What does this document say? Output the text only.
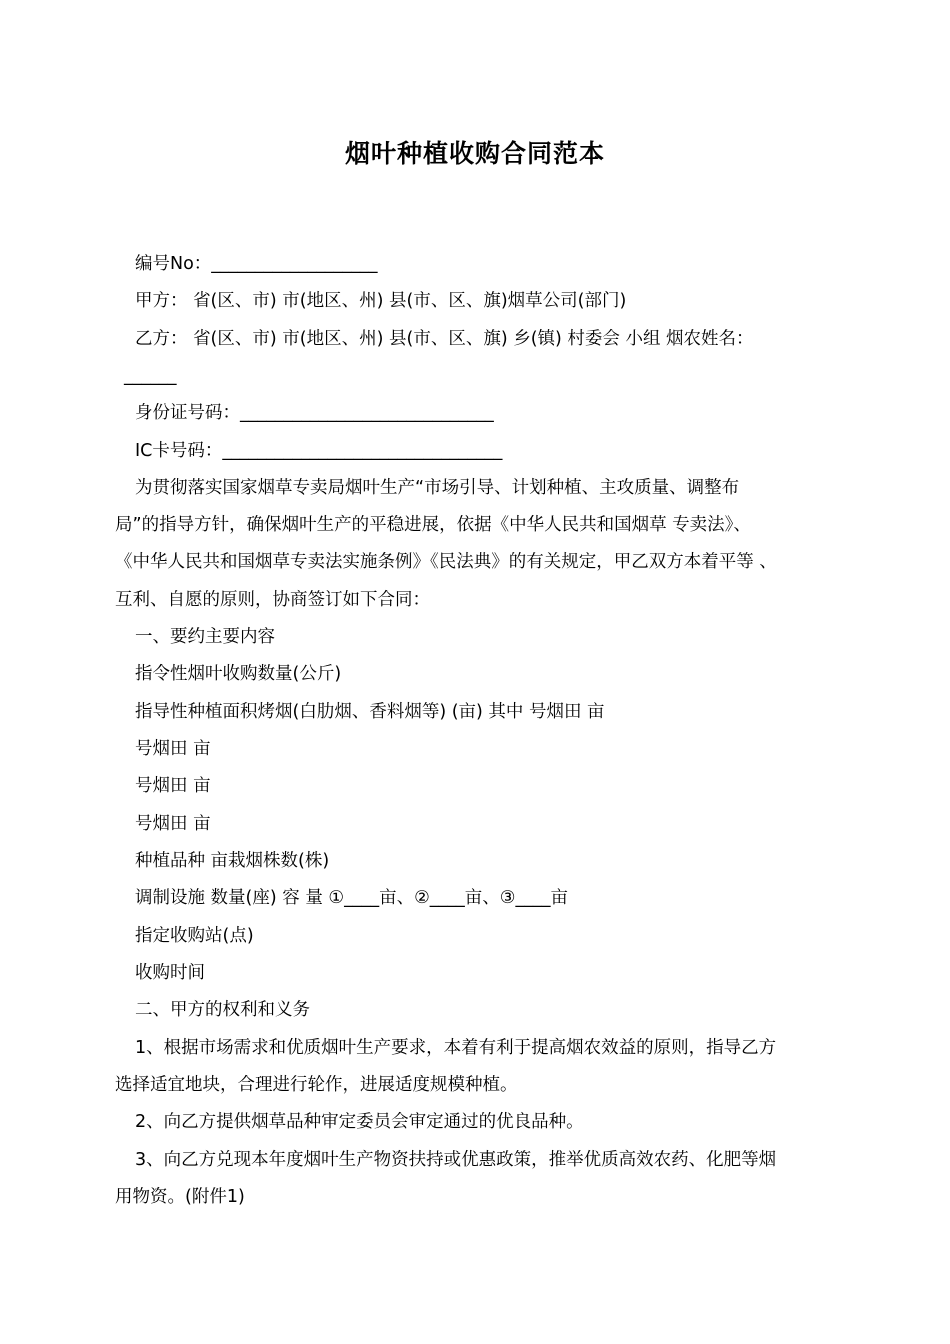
烟叶种植收购合同范本
编号No：___________________
甲方： 省(区、市) 市(地区、州) 县(市、区、旗)烟草公司(部门)
乙方： 省(区、市) 市(地区、州) 县(市、区、旗) 乡(镇) 村委会 小组 烟农姓名：
______
身份证号码：_____________________________
IC卡号码：________________________________
为贯彻落实国家烟草专卖局烟叶生产“市场引导、计划种植、主攻质量、调整布
局”的指导方针，确保烟叶生产的平稳进展，依据《中华人民共和国烟草 专卖法》、
《中华人民共和国烟草专卖法实施条例》《民法典》的有关规定，甲乙双方本着平等 、
互利、自愿的原则，协商签订如下合同：
一、要约主要内容
指令性烟叶收购数量(公斤)
指导性种植面积烤烟(白肋烟、香料烟等) (亩) 其中 号烟田 亩
号烟田 亩
号烟田 亩
号烟田 亩
种植品种 亩栽烟株数(株)
调制设施 数量(座) 容 量 ①____亩、②____亩、③____亩
指定收购站(点)
收购时间
二、甲方的权利和义务
1、根据市场需求和优质烟叶生产要求，本着有利于提高烟农效益的原则，指导乙方
选择适宜地块，合理进行轮作，进展适度规模种植。
2、向乙方提供烟草品种审定委员会审定通过的优良品种。
3、向乙方兑现本年度烟叶生产物资扶持或优惠政策，推举优质高效农药、化肥等烟
用物资。(附件1)
